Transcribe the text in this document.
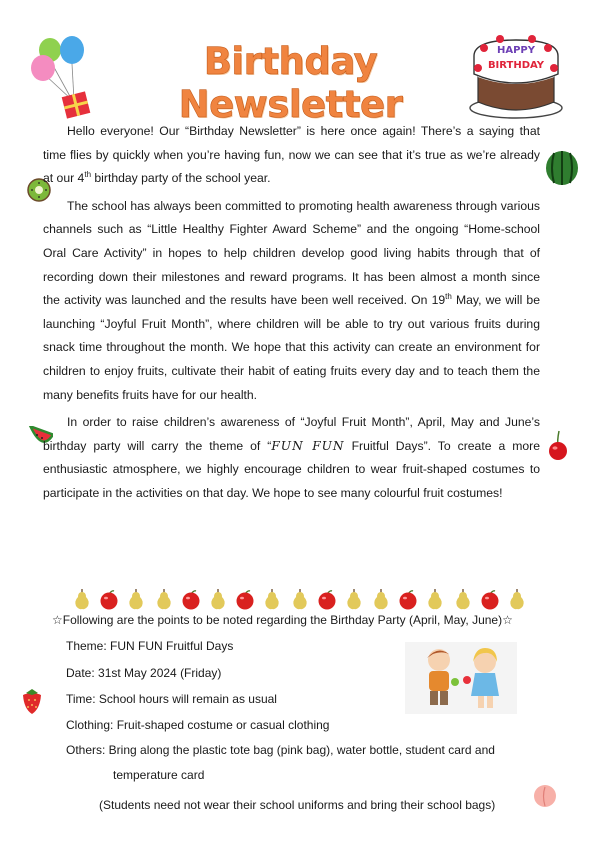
Birthday Newsletter
HAPPY
BIRTHDAY

Hello everyone! Our “Birthday Newsletter” is here once again! There’s a saying that time flies by quickly when you’re having fun, now we can see that it’s true as we’re already at our 4th birthday party of the school year.

The school has always been committed to promoting health awareness through various channels such as “Little Healthy Fighter Award Scheme” and the ongoing “Home-school Oral Care Activity” in hopes to help children develop good living habits through that of recording down their milestones and reward programs. It has been almost a month since the activity was launched and the results have been well received. On 19th May, we will be launching “Joyful Fruit Month”, where children will be able to try out various fruits during snack time throughout the month. We hope that this activity can create an environment for children to enjoy fruits, cultivate their habit of eating fruits every day and to teach them the many benefits fruits have for our health.

In order to raise children’s awareness of “Joyful Fruit Month”, April, May and June’s birthday party will carry the theme of “FUN FUN Fruitful Days”. To create a more enthusiastic atmosphere, we highly encourage children to wear fruit-shaped costumes to participate in the activities on that day. We hope to see many colourful fruit costumes!

☆Following are the points to be noted regarding the Birthday Party (April, May, June)☆
Theme: FUN FUN Fruitful Days
Date: 31st May 2024 (Friday)
Time: School hours will remain as usual
Clothing: Fruit-shaped costume or casual clothing
Others: Bring along the plastic tote bag (pink bag), water bottle, student card and
temperature card
(Students need not wear their school uniforms and bring their school bags)
